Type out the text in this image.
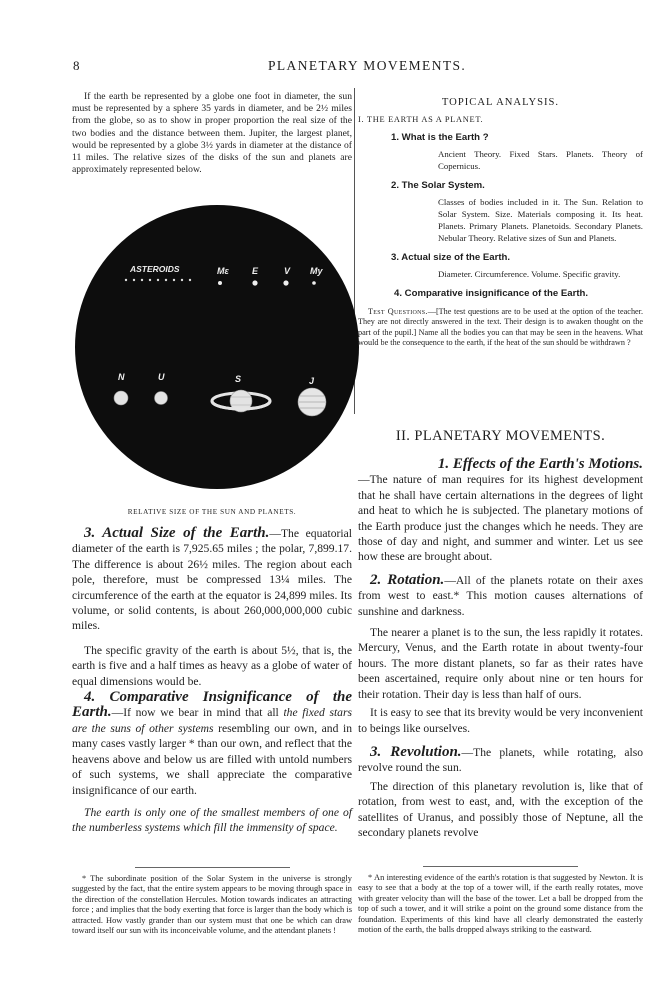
8	PLANETARY MOVEMENTS.

If the earth be represented by a globe one foot in diameter, the sun must be represented by a sphere 35 yards in diameter, and be 2½ miles from the globe, so as to show in proper proportion the real size of the two bodies and the distance between them. Jupiter, the largest planet, would be represented by a globe 3½ yards in diameter at the distance of 11 miles. The relative sizes of the disks of the sun and planets are approximately represented below.

ASTEROIDS	Mε	E	V My
N	U	S	J
RELATIVE SIZE OF THE SUN AND PLANETS.

3. Actual Size of the Earth.—The equatorial diameter of the earth is 7,925.65 miles ; the polar, 7,899.17. The difference is about 26½ miles. The region about each pole, therefore, must be compressed 13¼ miles. The circumference of the earth at the equator is 24,899 miles. Its volume, or solid contents, is about 260,000,000,000 cubic miles.

The specific gravity of the earth is about 5½, that is, the earth is five and a half times as heavy as a globe of water of equal dimensions would be.

4. Comparative Insignificance of the Earth.—If now we bear in mind that all the fixed stars are the suns of other systems resembling our own, and in many cases vastly larger * than our own, and reflect that the heavens above and below us are filled with untold numbers of such systems, we shall appreciate the comparative insignificance of our earth.

The earth is only one of the smallest members of one of the numberless systems which fill the immensity of space.

* The subordinate position of the Solar System in the universe is strongly suggested by the fact, that the entire system appears to be moving through space in the direction of the constellation Hercules. Motion towards indicates an attracting force ; and implies that the body exerting that force is larger than the body which is attracted. How vastly grander than our system must that one be which can draw toward itself our sun with its inconceivable volume, and the attendant planets !

TOPICAL ANALYSIS.
I. THE EARTH AS A PLANET.
1. What is the Earth ?
Ancient Theory. Fixed Stars. Planets. Theory of Copernicus.
2. The Solar System.
Classes of bodies included in it. The Sun. Relation to Solar System. Size. Materials composing it. Its heat. Planets. Primary Planets. Planetoids. Secondary Planets. Nebular Theory. Relative sizes of Sun and Planets.
3. Actual size of the Earth.
Diameter. Circumference. Volume. Specific gravity.
4. Comparative insignificance of the Earth.

Test Questions.—[The test questions are to be used at the option of the teacher. They are not directly answered in the text. Their design is to awaken thought on the part of the pupil.] Name all the bodies you can that may be seen in the heavens. What would be the consequence to the earth, if the heat of the sun should be withdrawn ?

II. PLANETARY MOVEMENTS.

1. Effects of the Earth's Motions.

—The nature of man requires for its highest development that he shall have certain alternations in the degrees of light and heat to which he is subjected. The planetary motions of the Earth produce just the changes which he needs. They are those of day and night, and summer and winter. Let us see how these are brought about.

2. Rotation.—All of the planets rotate on their axes from west to east.* This motion causes alternations of sunshine and darkness.

The nearer a planet is to the sun, the less rapidly it rotates. Mercury, Venus, and the Earth rotate in about twenty-four hours. The more distant planets, so far as their rates have been ascertained, require only about nine or ten hours for their rotation. Their day is less than half of ours.

It is easy to see that its brevity would be very inconvenient to beings like ourselves.

3. Revolution.—The planets, while rotating, also revolve round the sun.

The direction of this planetary revolution is, like that of rotation, from west to east, and, with the exception of the satellites of Uranus, and possibly those of Neptune, all the secondary planets revolve

* An interesting evidence of the earth's rotation is that suggested by Newton. It is easy to see that a body at the top of a tower will, if the earth really rotates, move with greater velocity than will the base of the tower. Let a ball be dropped from the top of such a tower, and it will strike a point on the ground some distance from the foundation. Experiments of this kind have all clearly demonstrated the easterly motion of the earth, the balls dropped always striking to the eastward.
